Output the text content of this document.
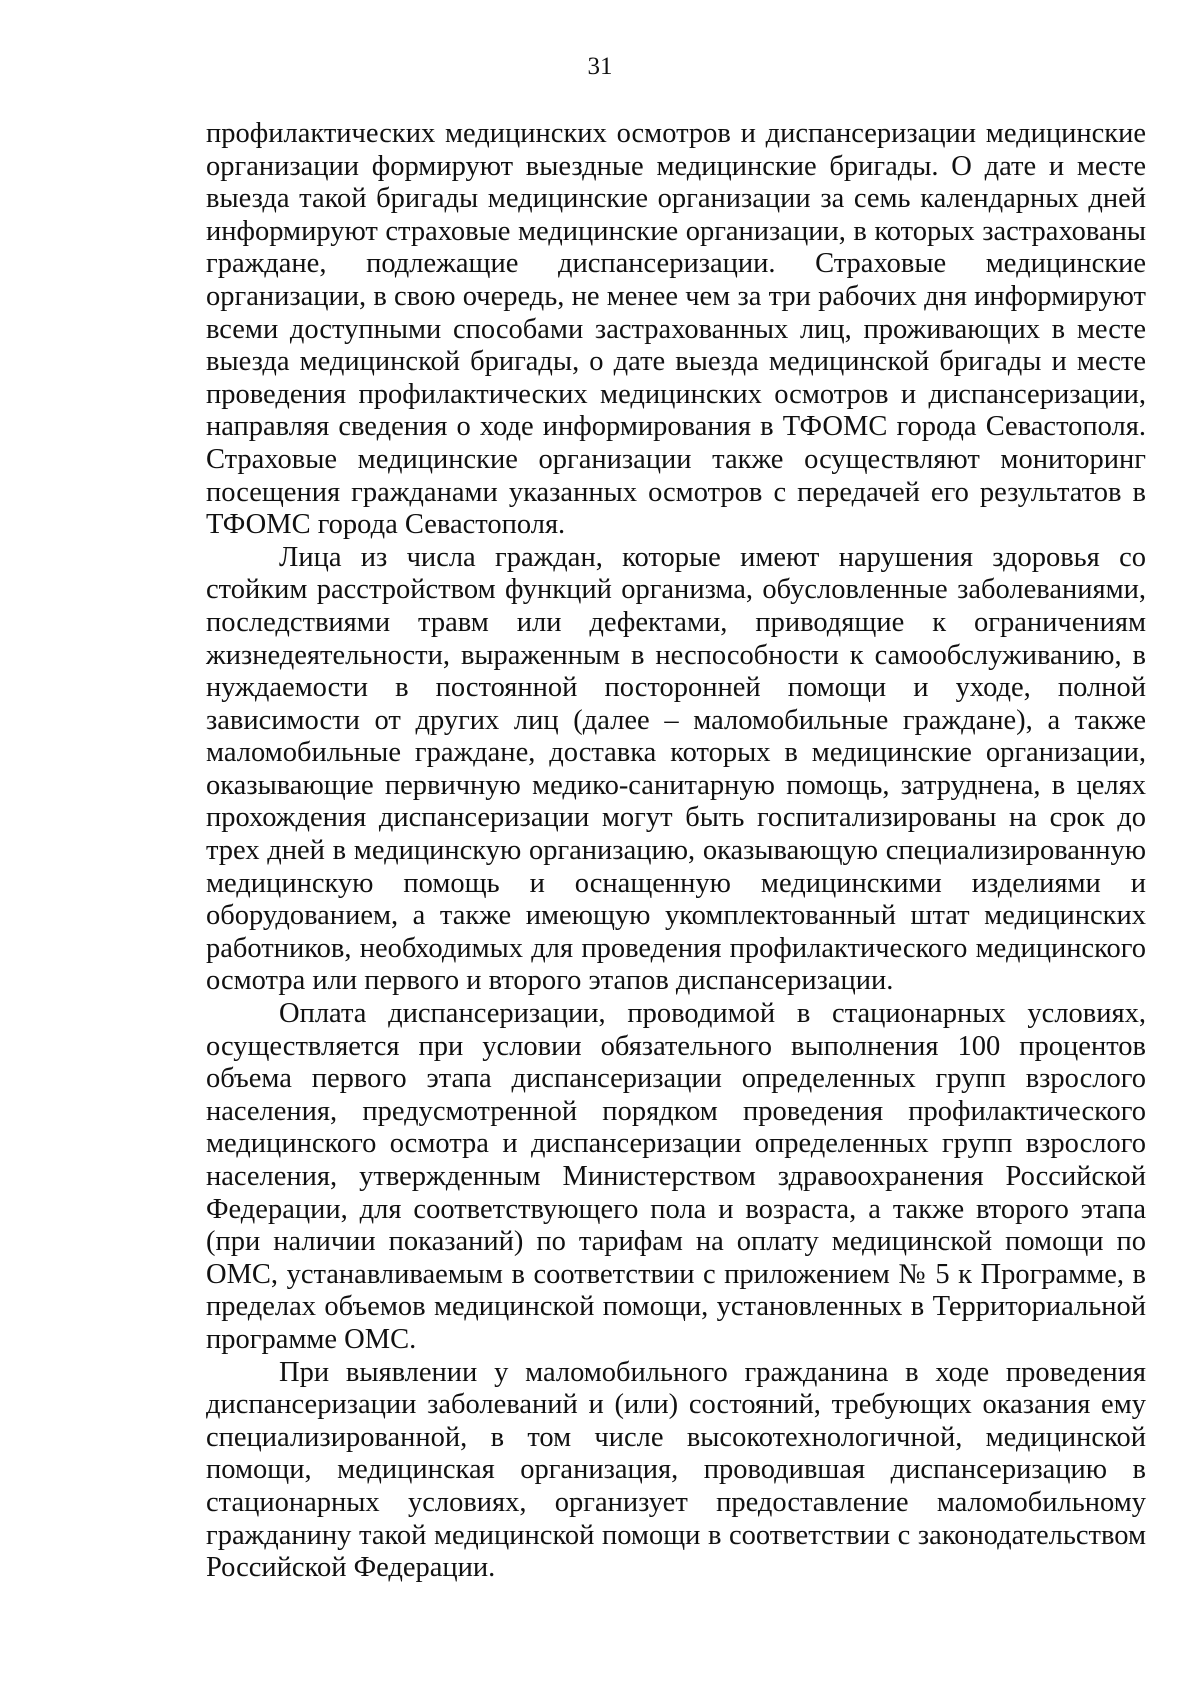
31

профилактических медицинских осмотров и диспансеризации медицинские организации формируют выездные медицинские бригады. О дате и месте выезда такой бригады медицинские организации за семь календарных дней информируют страховые медицинские организации, в которых застрахованы граждане, подлежащие диспансеризации. Страховые медицинские организации, в свою очередь, не менее чем за три рабочих дня информируют всеми доступными способами застрахованных лиц, проживающих в месте выезда медицинской бригады, о дате выезда медицинской бригады и месте проведения профилактических медицинских осмотров и диспансеризации, направляя сведения о ходе информирования в ТФОМС города Севастополя. Страховые медицинские организации также осуществляют мониторинг посещения гражданами указанных осмотров с передачей его результатов в ТФОМС города Севастополя.

Лица из числа граждан, которые имеют нарушения здоровья со стойким расстройством функций организма, обусловленные заболеваниями, последствиями травм или дефектами, приводящие к ограничениям жизнедеятельности, выраженным в неспособности к самообслуживанию, в нуждаемости в постоянной посторонней помощи и уходе, полной зависимости от других лиц (далее – маломобильные граждане), а также маломобильные граждане, доставка которых в медицинские организации, оказывающие первичную медико-санитарную помощь, затруднена, в целях прохождения диспансеризации могут быть госпитализированы на срок до трех дней в медицинскую организацию, оказывающую специализированную медицинскую помощь и оснащенную медицинскими изделиями и оборудованием, а также имеющую укомплектованный штат медицинских работников, необходимых для проведения профилактического медицинского осмотра или первого и второго этапов диспансеризации.

Оплата диспансеризации, проводимой в стационарных условиях, осуществляется при условии обязательного выполнения 100 процентов объема первого этапа диспансеризации определенных групп взрослого населения, предусмотренной порядком проведения профилактического медицинского осмотра и диспансеризации определенных групп взрослого населения, утвержденным Министерством здравоохранения Российской Федерации, для соответствующего пола и возраста, а также второго этапа (при наличии показаний) по тарифам на оплату медицинской помощи по ОМС, устанавливаемым в соответствии с приложением № 5 к Программе, в пределах объемов медицинской помощи, установленных в Территориальной программе ОМС.

При выявлении у маломобильного гражданина в ходе проведения диспансеризации заболеваний и (или) состояний, требующих оказания ему специализированной, в том числе высокотехнологичной, медицинской помощи, медицинская организация, проводившая диспансеризацию в стационарных условиях, организует предоставление маломобильному гражданину такой медицинской помощи в соответствии с законодательством Российской Федерации.
